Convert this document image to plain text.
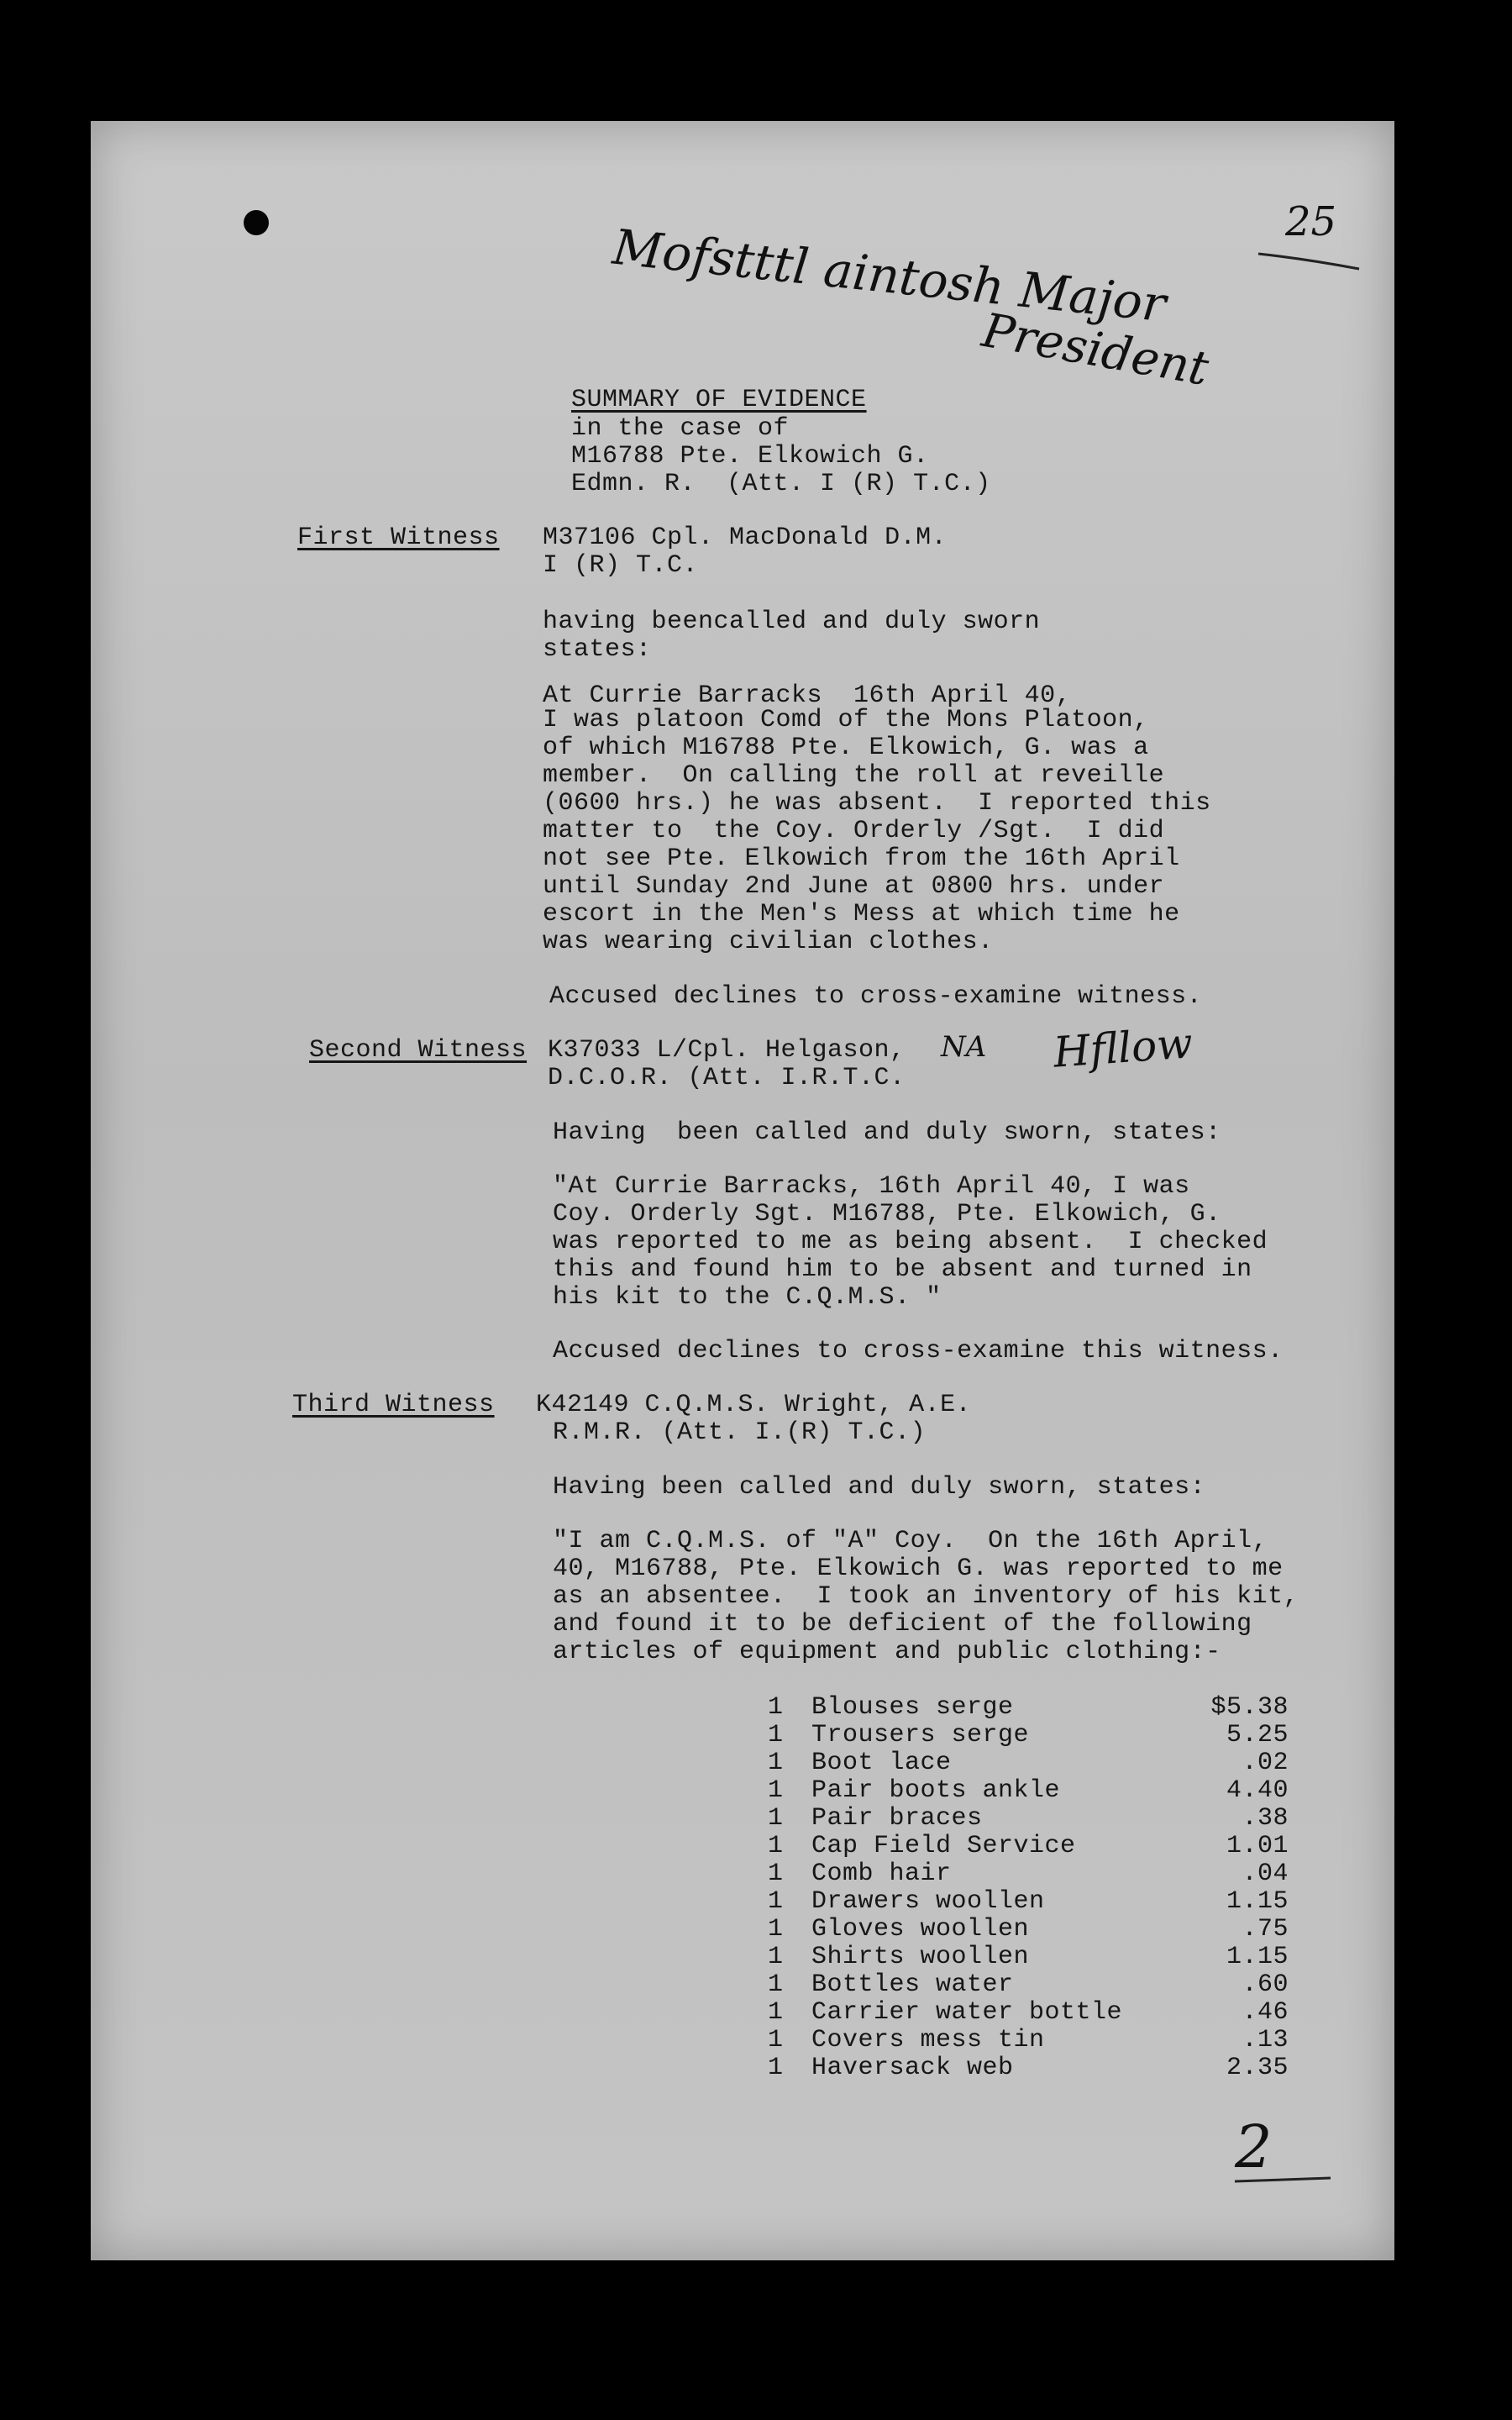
25
Mofstttl aintosh Major
President
SUMMARY OF EVIDENCE
in the case of
M16788 Pte. Elkowich G.
Edmn. R.  (Att. I (R) T.C.)
First Witness M37106 Cpl. MacDonald D.M.
I (R) T.C.
having beencalled and duly sworn
states:
At Currie Barracks  16th April 40,
I was platoon Comd of the Mons Platoon,
of which M16788 Pte. Elkowich, G. was a
member.  On calling the roll at reveille
(0600 hrs.) he was absent.  I reported this
matter to  the Coy. Orderly /Sgt.  I did
not see Pte. Elkowich from the 16th April
until Sunday 2nd June at 0800 hrs. under
escort in the Men's Mess at which time he
was wearing civilian clothes.
Accused declines to cross-examine witness.
Second Witness K37033 L/Cpl. Helgason, NA Hfllow
D.C.O.R. (Att. I.R.T.C.
Having  been called and duly sworn, states:
"At Currie Barracks, 16th April 40, I was
Coy. Orderly Sgt. M16788, Pte. Elkowich, G.
was reported to me as being absent.  I checked
this and found him to be absent and turned in
his kit to the C.Q.M.S. "
Accused declines to cross-examine this witness.
Third Witness K42149 C.Q.M.S. Wright, A.E.
R.M.R. (Att. I.(R) T.C.)
Having been called and duly sworn, states:
"I am C.Q.M.S. of "A" Coy.  On the 16th April,
40, M16788, Pte. Elkowich G. was reported to me
as an absentee.  I took an inventory of his kit,
and found it to be deficient of the following
articles of equipment and public clothing:-
1 Blouses serge	$5.38
1 Trousers serge	5.25
1 Boot lace	.02
1 Pair boots ankle	4.40
1 Pair braces	.38
1 Cap Field Service	1.01
1 Comb hair	.04
1 Drawers woollen	1.15
1 Gloves woollen	.75
1 Shirts woollen	1.15
1 Bottles water	.60
1 Carrier water bottle	.46
1 Covers mess tin	.13
1 Haversack web	2.35
2
